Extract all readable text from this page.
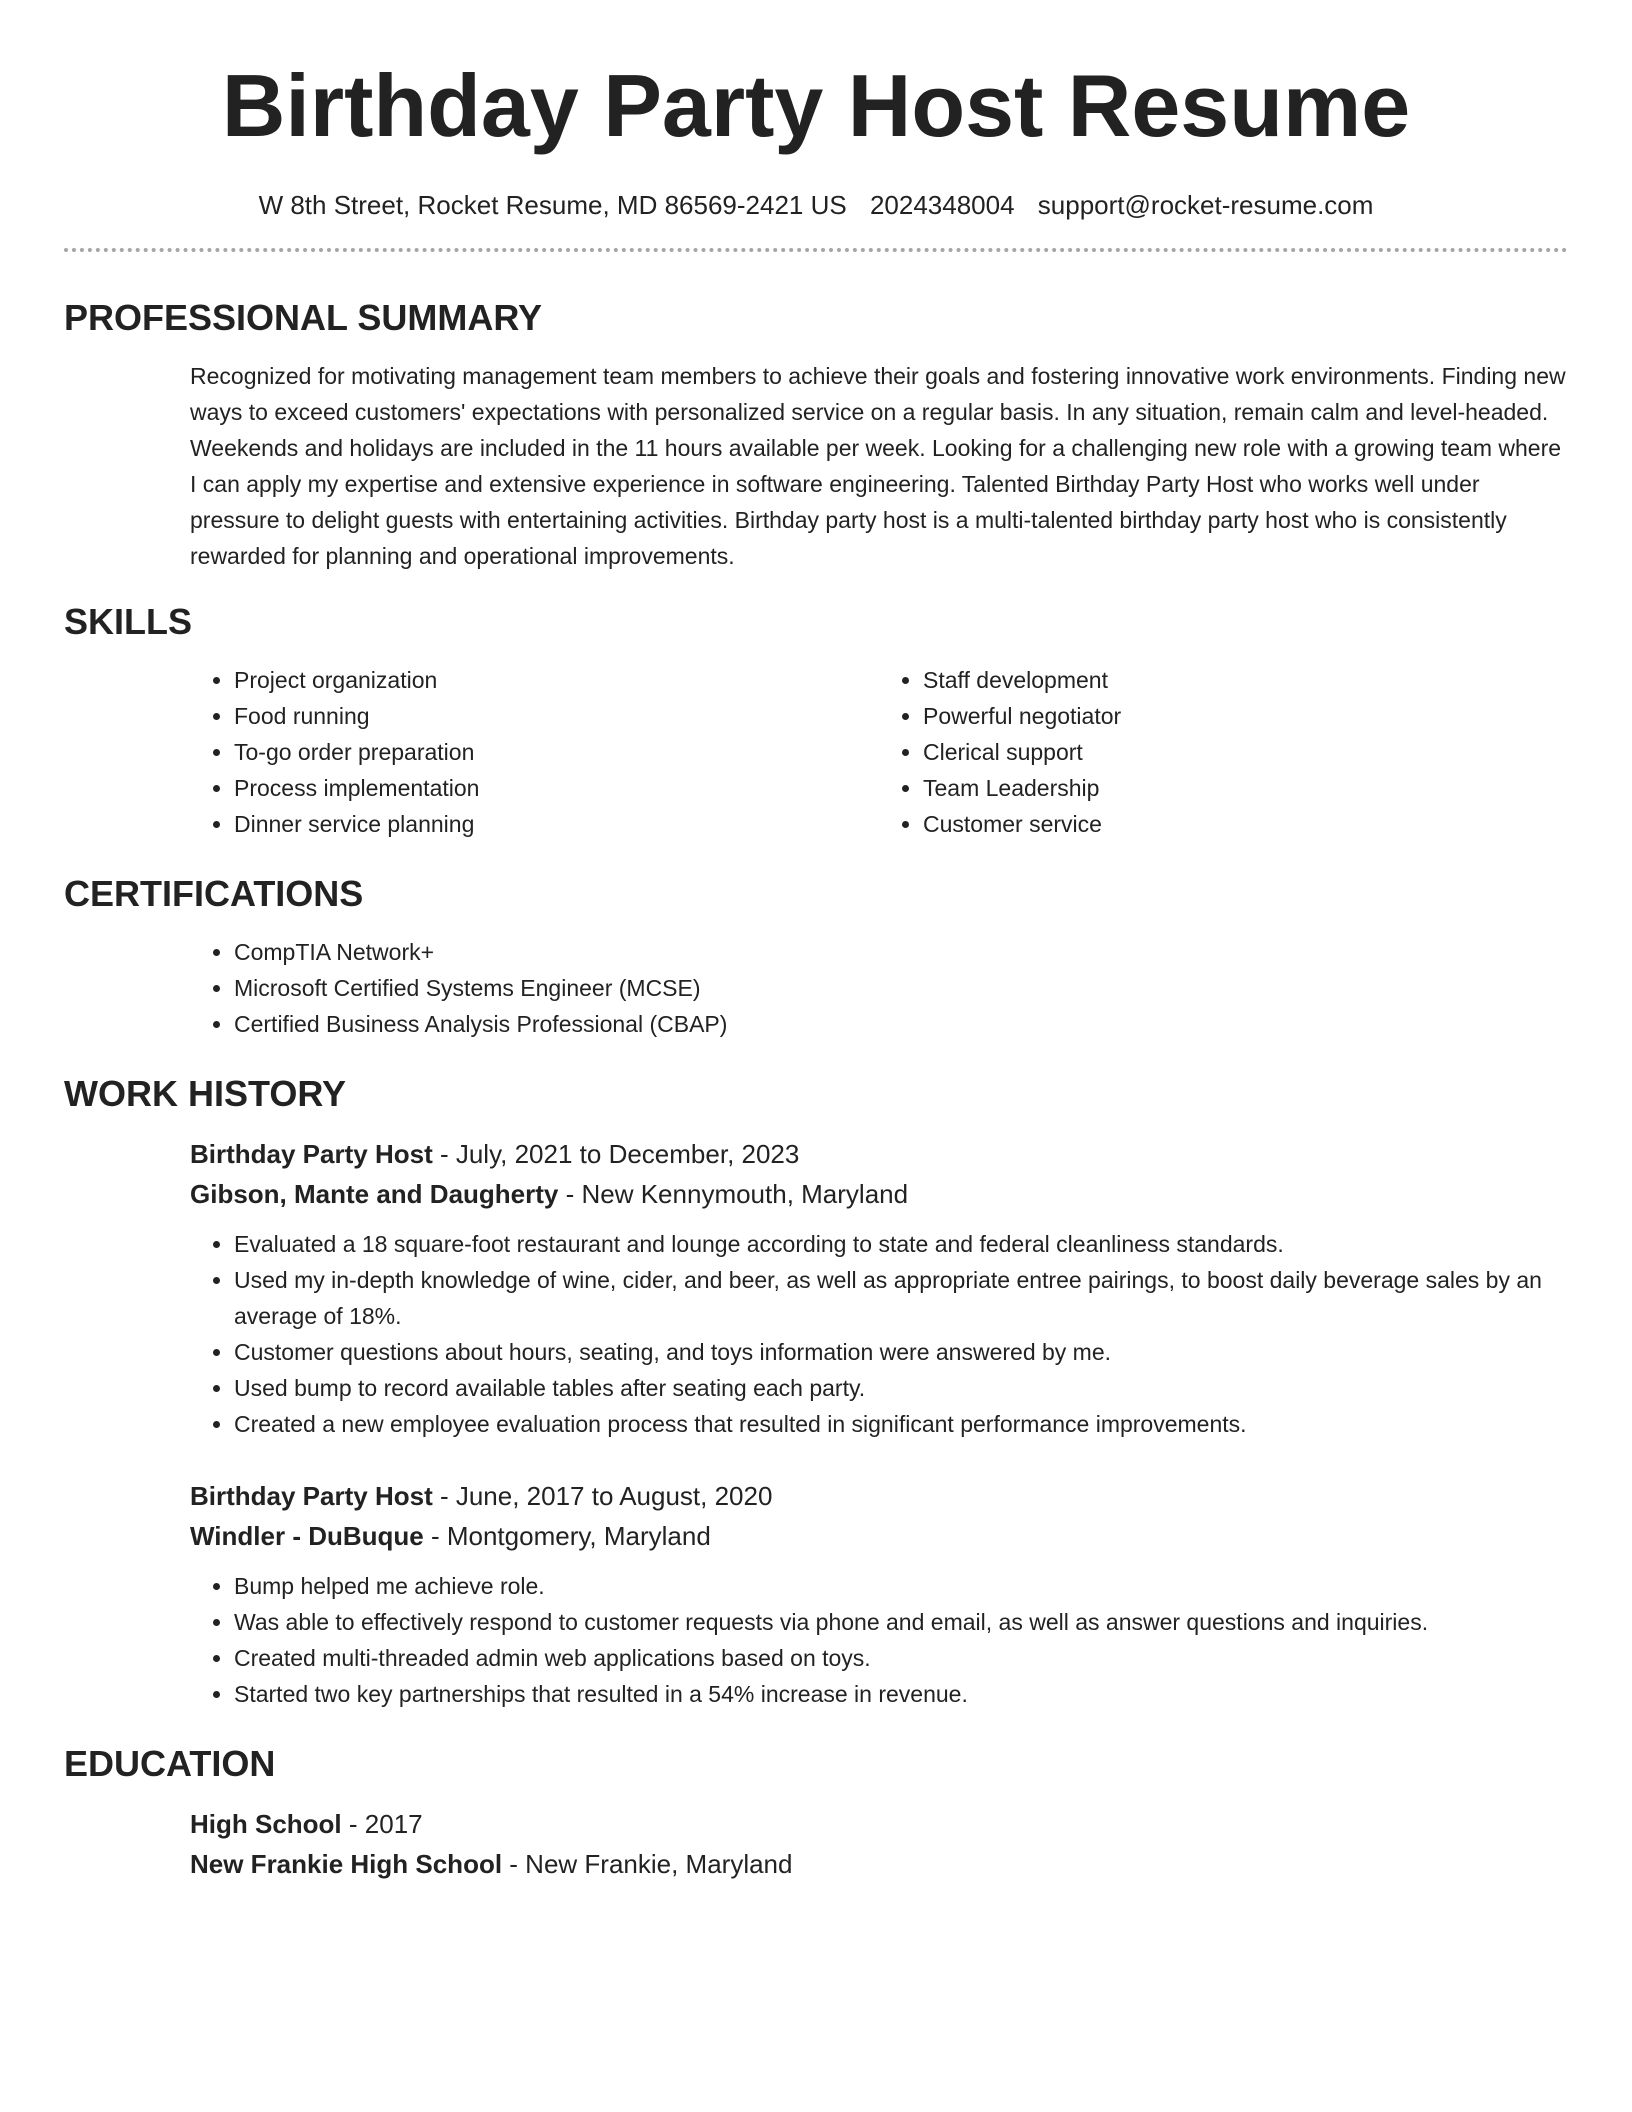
Birthday Party Host Resume
W 8th Street, Rocket Resume, MD 86569-2421 US 2024348004 support@rocket-resume.com
PROFESSIONAL SUMMARY

Recognized for motivating management team members to achieve their goals and fostering innovative work environments. Finding new ways to exceed customers' expectations with personalized service on a regular basis. In any situation, remain calm and level-headed. Weekends and holidays are included in the 11 hours available per week. Looking for a challenging new role with a growing team where I can apply my expertise and extensive experience in software engineering. Talented Birthday Party Host who works well under pressure to delight guests with entertaining activities. Birthday party host is a multi-talented birthday party host who is consistently rewarded for planning and operational improvements.

SKILLS
• Project organization
• Food running
• To-go order preparation
• Process implementation
• Dinner service planning
• Staff development
• Powerful negotiator
• Clerical support
• Team Leadership
• Customer service
CERTIFICATIONS
• CompTIA Network+
• Microsoft Certified Systems Engineer (MCSE)
• Certified Business Analysis Professional (CBAP)
WORK HISTORY
Birthday Party Host - July, 2021 to December, 2023
Gibson, Mante and Daugherty - New Kennymouth, Maryland
• Evaluated a 18 square-foot restaurant and lounge according to state and federal cleanliness standards.
• Used my in-depth knowledge of wine, cider, and beer, as well as appropriate entree pairings, to boost daily beverage sales by an average of 18%.
• Customer questions about hours, seating, and toys information were answered by me.
• Used bump to record available tables after seating each party.
• Created a new employee evaluation process that resulted in significant performance improvements.
Birthday Party Host - June, 2017 to August, 2020
Windler - DuBuque - Montgomery, Maryland
• Bump helped me achieve role.
• Was able to effectively respond to customer requests via phone and email, as well as answer questions and inquiries.
• Created multi-threaded admin web applications based on toys.
• Started two key partnerships that resulted in a 54% increase in revenue.
EDUCATION
High School - 2017
New Frankie High School - New Frankie, Maryland
